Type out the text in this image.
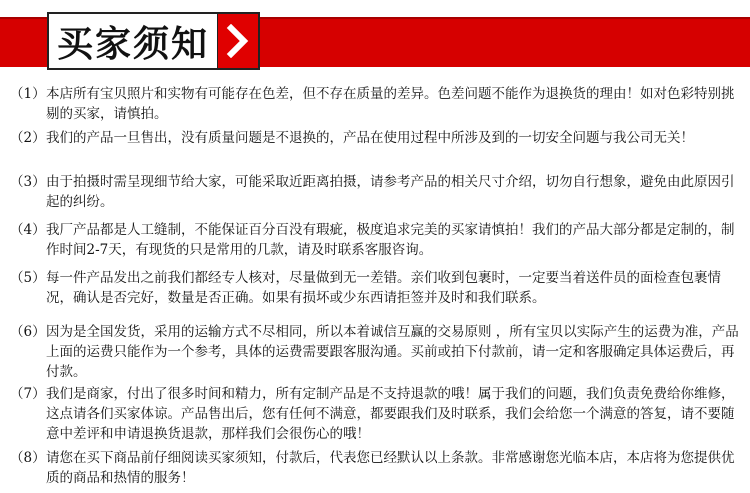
买家须知
（1） 本店所有宝贝照片和实物有可能存在色差，但不存在质量的差异。色差问题不能作为退换货的理由！如对色彩特别挑剔的买家，请慎拍。
（2） 我们的产品一旦售出，没有质量问题是不退换的，产品在使用过程中所涉及到的一切安全问题与我公司无关！
（3） 由于拍摄时需呈现细节给大家，可能采取近距离拍摄，请参考产品的相关尺寸介绍，切勿自行想象，避免由此原因引起的纠纷。
（4） 我厂产品都是人工缝制，不能保证百分百没有瑕疵，极度追求完美的买家请慎拍！我们的产品大部分都是定制的，制作时间2-7天，有现货的只是常用的几款，请及时联系客服咨询。
（5） 每一件产品发出之前我们都经专人核对，尽量做到无一差错。亲们收到包裹时，一定要当着送件员的面检查包裹情况，确认是否完好，数量是否正确。如果有损坏或少东西请拒签并及时和我们联系。
（6） 因为是全国发货，采用的运输方式不尽相同，所以本着诚信互赢的交易原则 ，所有宝贝以实际产生的运费为准，产品上面的运费只能作为一个参考，具体的运费需要跟客服沟通。买前或拍下付款前，请一定和客服确定具体运费后，再付款。
（7） 我们是商家，付出了很多时间和精力，所有定制产品是不支持退款的哦！属于我们的问题，我们负责免费给你维修，这点请各们买家体谅。产品售出后，您有任何不满意，都要跟我们及时联系，我们会给您一个满意的答复，请不要随意中差评和申请退换货退款，那样我们会很伤心的哦！
（8） 请您在买下商品前仔细阅读买家须知，付款后，代表您已经默认以上条款。非常感谢您光临本店，本店将为您提供优质的商品和热情的服务！
